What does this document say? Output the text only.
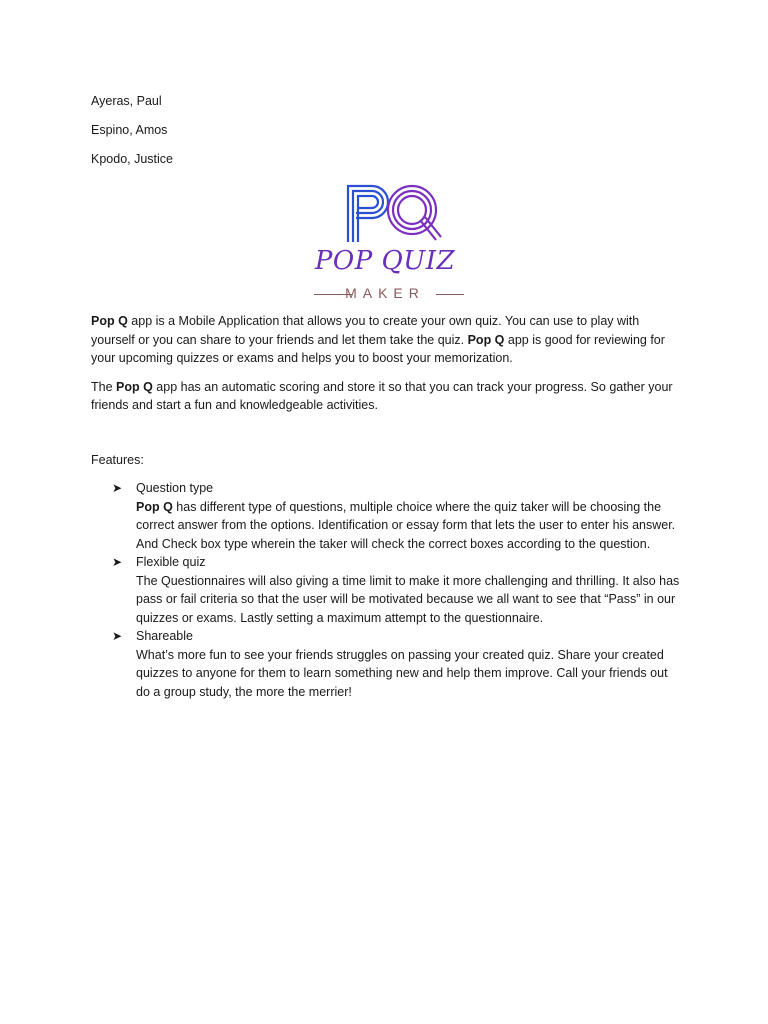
Ayeras, Paul
Espino, Amos
Kpodo, Justice
POP QUIZ
MAKER

Pop Q app is a Mobile Application that allows you to create your own quiz. You can use to play with yourself or you can share to your friends and let them take the quiz. Pop Q app is good for reviewing for your upcoming quizzes or exams and helps you to boost your memorization.

The Pop Q app has an automatic scoring and store it so that you can track your progress. So gather your friends and start a fun and knowledgeable activities.

Features:

➤ Question type
Pop Q has different type of questions, multiple choice where the quiz taker will be choosing the correct answer from the options. Identification or essay form that lets the user to enter his answer. And Check box type wherein the taker will check the correct boxes according to the question.
➤ Flexible quiz
The Questionnaires will also giving a time limit to make it more challenging and thrilling. It also has pass or fail criteria so that the user will be motivated because we all want to see that “Pass” in our quizzes or exams. Lastly setting a maximum attempt to the questionnaire.
➤ Shareable
What’s more fun to see your friends struggles on passing your created quiz. Share your created quizzes to anyone for them to learn something new and help them improve. Call your friends out do a group study, the more the merrier!
